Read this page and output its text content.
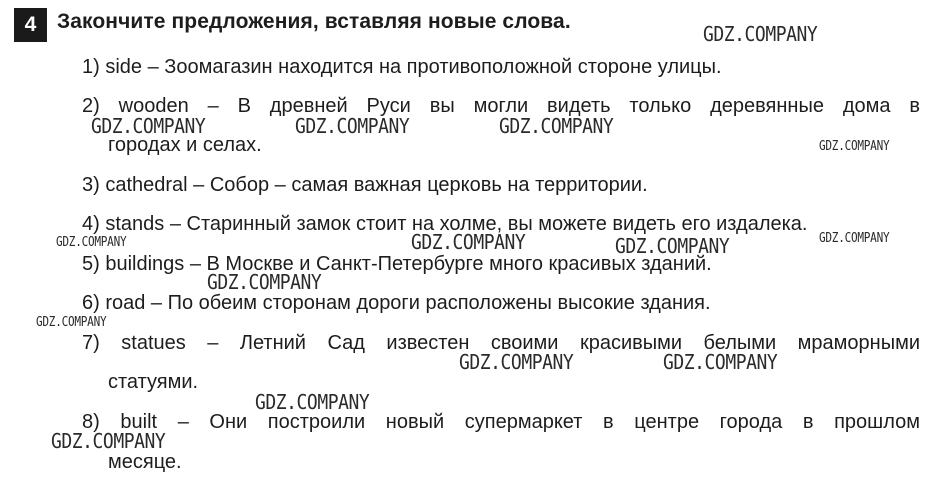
4 Закончите предложения, вставляя новые слова.
1) side – Зоомагазин находится на противоположной стороне улицы.
2) wooden – В древней Руси вы могли видеть только деревянные дома в
городах и селах.
3) cathedral – Собор – самая важная церковь на территории.
4) stands – Старинный замок стоит на холме, вы можете видеть его издалека.
5) buildings – В Москве и Санкт-Петербурге много красивых зданий.
6) road – По обеим сторонам дороги расположены высокие здания.
7) statues – Летний Сад известен своими красивыми белыми мраморными
статуями.
8) built – Они построили новый супермаркет в центре города в прошлом
месяце.
GDZ.COMPANY
GDZ.COMPANY	GDZ.COMPANY	GDZ.COMPANY
GDZ.COMPANY
GDZ.COMPANY	GDZ.COMPANY	GDZ.COMPANY	GDZ.COMPANY
GDZ.COMPANY
GDZ.COMPANY
GDZ.COMPANY	GDZ.COMPANY
GDZ.COMPANY
GDZ.COMPANY
